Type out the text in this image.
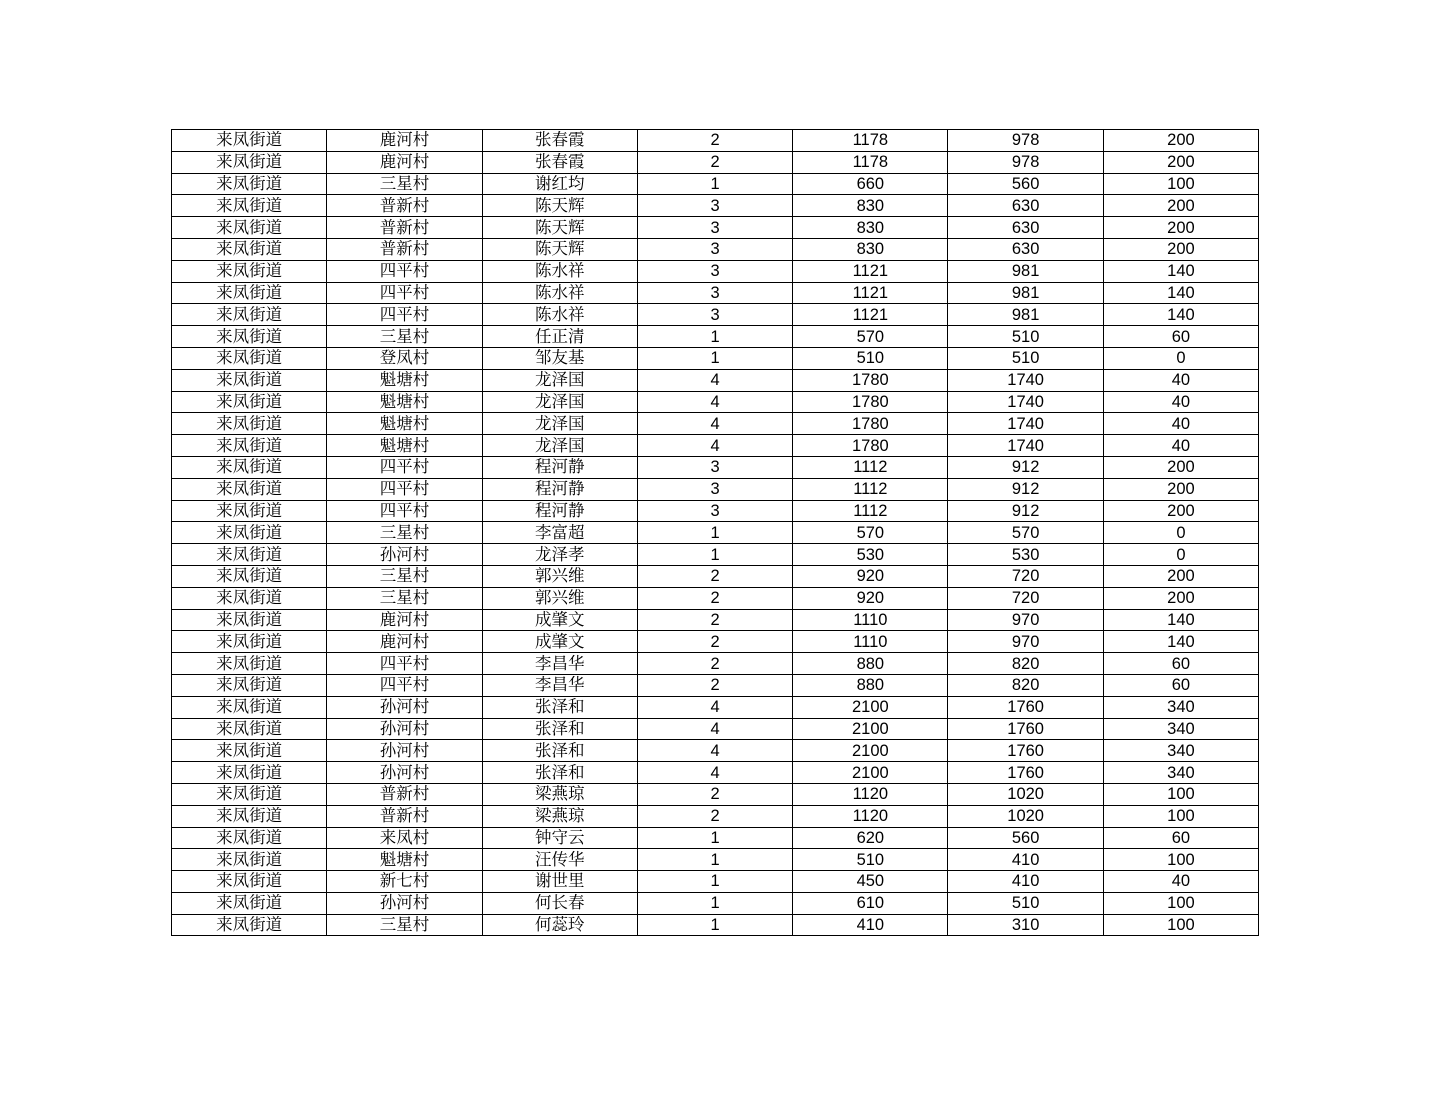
来凤街道	鹿河村	张春霞	2	1178	978	200
来凤街道	鹿河村	张春霞	2	1178	978	200
来凤街道	三星村	谢红均	1	660	560	100
来凤街道	普新村	陈天辉	3	830	630	200
来凤街道	普新村	陈天辉	3	830	630	200
来凤街道	普新村	陈天辉	3	830	630	200
来凤街道	四平村	陈水祥	3	1121	981	140
来凤街道	四平村	陈水祥	3	1121	981	140
来凤街道	四平村	陈水祥	3	1121	981	140
来凤街道	三星村	任正清	1	570	510	60
来凤街道	登凤村	邹友基	1	510	510	0
来凤街道	魁塘村	龙泽国	4	1780	1740	40
来凤街道	魁塘村	龙泽国	4	1780	1740	40
来凤街道	魁塘村	龙泽国	4	1780	1740	40
来凤街道	魁塘村	龙泽国	4	1780	1740	40
来凤街道	四平村	程河静	3	1112	912	200
来凤街道	四平村	程河静	3	1112	912	200
来凤街道	四平村	程河静	3	1112	912	200
来凤街道	三星村	李富超	1	570	570	0
来凤街道	孙河村	龙泽孝	1	530	530	0
来凤街道	三星村	郭兴维	2	920	720	200
来凤街道	三星村	郭兴维	2	920	720	200
来凤街道	鹿河村	成肇文	2	1110	970	140
来凤街道	鹿河村	成肇文	2	1110	970	140
来凤街道	四平村	李昌华	2	880	820	60
来凤街道	四平村	李昌华	2	880	820	60
来凤街道	孙河村	张泽和	4	2100	1760	340
来凤街道	孙河村	张泽和	4	2100	1760	340
来凤街道	孙河村	张泽和	4	2100	1760	340
来凤街道	孙河村	张泽和	4	2100	1760	340
来凤街道	普新村	梁燕琼	2	1120	1020	100
来凤街道	普新村	梁燕琼	2	1120	1020	100
来凤街道	来凤村	钟守云	1	620	560	60
来凤街道	魁塘村	汪传华	1	510	410	100
来凤街道	新七村	谢世里	1	450	410	40
来凤街道	孙河村	何长春	1	610	510	100
来凤街道	三星村	何蕊玲	1	410	310	100
